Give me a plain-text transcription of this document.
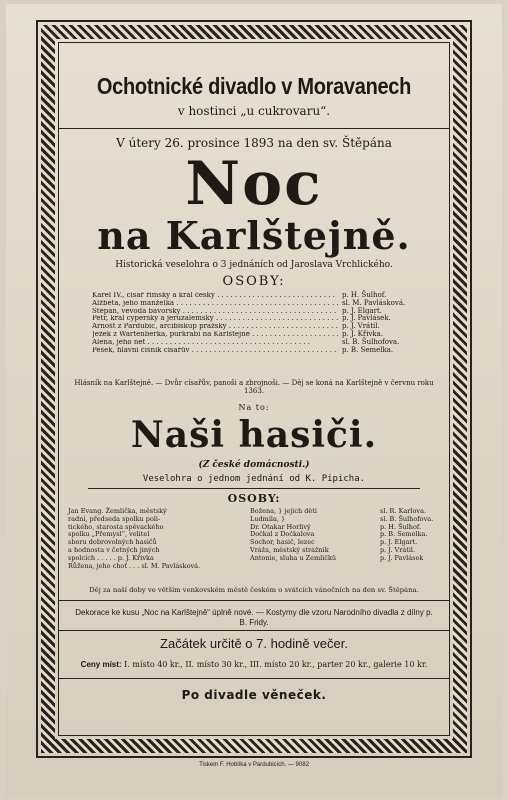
Ochotnické divadlo v Moravanech
v hostinci „u cukrovaru“.
V útery 26. prosince 1893 na den sv. Štěpána
Noc
na Karlštejně.
Historická veselohra o 3 jednáních od Jaroslava Vrchlického.
OSOBY:
Karel IV., císař římský a král český . . .	p. H. Šulhof.
Alžběta, jeho manželka . . .	sl. M. Pavlásková.
Štěpán, vévoda bavorský . . .	p. J. Elgart.
Petr, král cyperský a jeruzalemský . . .	p. J. Pavlásek.
Arnošt z Pardubic, arcibiskup pražský . . .	p. J. Vrátil.
Ježek z Wartenberka, purkrabí na Karlštejně . . .	p. J. Křivka.
Alena, jeho neť . . .	sl. B. Šulhofova.
Pešek, hlavní číšník císařův . . .	p. B. Semelka.
Hlásník na Karlštejně. — Dvůr císařův, panoši a zbrojnoši. — Děj se koná na Karlštejně v červnu roku 1363.
Na to:
Naši hasiči.
(Z české domácnosti.)
Veselohra o jednom jednání od K. Pipicha.
OSOBY:
Jan Evang. Žemlička, městský
radní, předseda spolku poli-
tického, starosta spěvackého
spolku „Přemysl“, velitel
sboru dobrovolných hasičů
a hodnosta v četných jiných
spolcích . . . . . p. J. Křivka
Růžena, jeho choť . . . sl. M. Pavlásková.
Božena, } jejich děti	sl. R. Karlova.
Ludmila, }	sl. B. Šulhofova.
Dr. Otakar Horlivý	p. H. Šulhof.
Dočkal z Dočkalova	p. B. Semelka.
Sochor, hasič, lezec	p. J. Elgart.
Vráža, městský strážník	p. J. Vrátil.
Antonie, sluha u Žemličků	p. J. Pavlásek
Děj za naší doby ve větším venkovském městě českém o svátcích vánočních na den sv. Štěpána.
Dekorace ke kusu „Noc na Karlštejně“ úplně nové. — Kostymy dle vzoru Narodního divadla z dílny p. B. Fridy.
Začátek určitě o 7. hodině večer.
Ceny míst: I. místo 40 kr., II. místo 30 kr., III. místo 20 kr., parter 20 kr., galerie 10 kr.
Po divadle věneček.
Tiskem F. Hoblíka v Pardubicích. — 9082
